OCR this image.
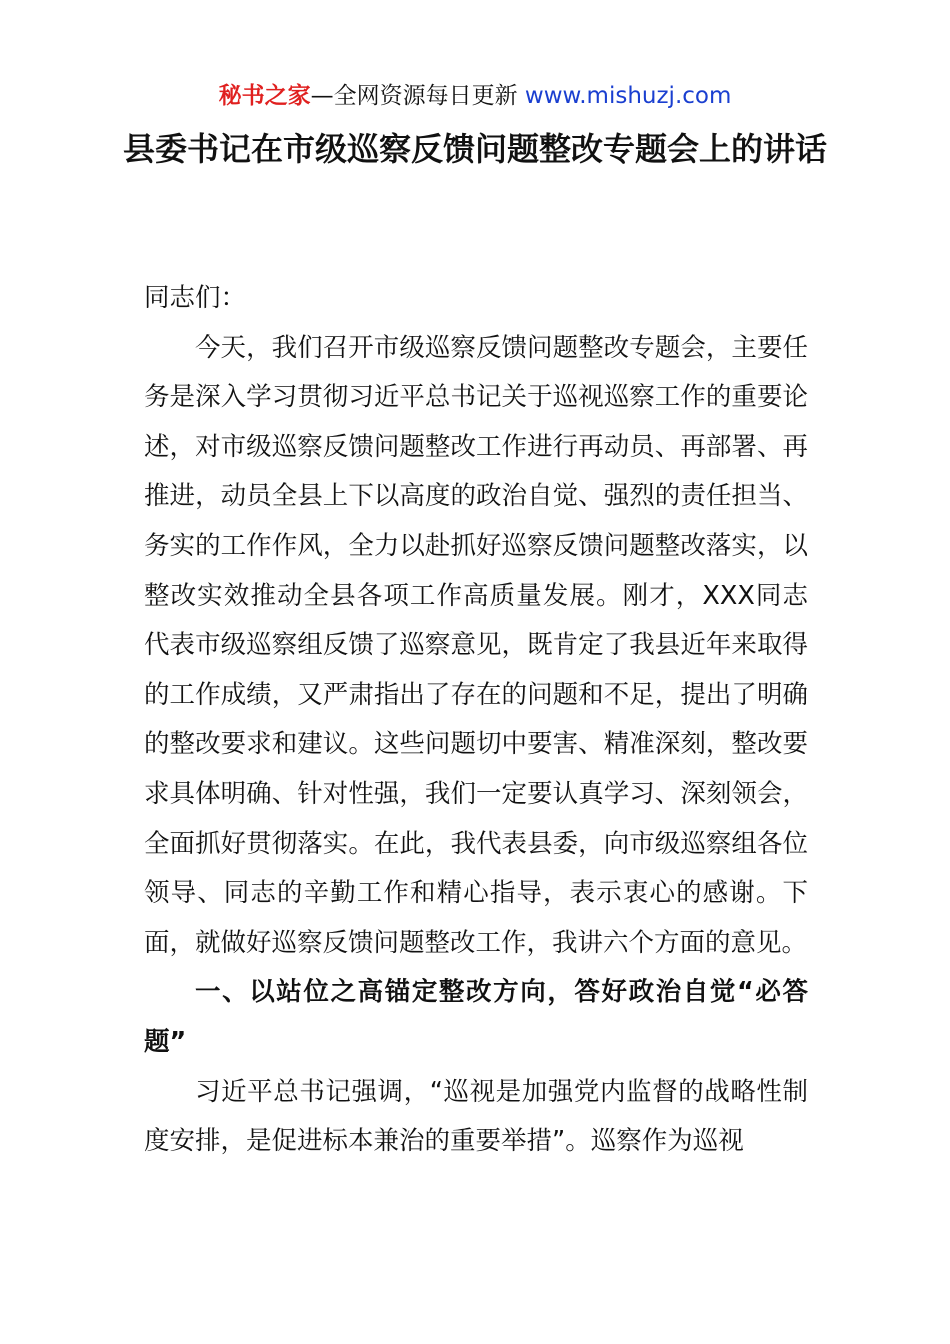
秘书之家—全网资源每日更新 www.mishuzj.com
县委书记在市级巡察反馈问题整改专题会上的讲话

同志们：

今天，我们召开市级巡察反馈问题整改专题会，主要任务是深入学习贯彻习近平总书记关于巡视巡察工作的重要论述，对市级巡察反馈问题整改工作进行再动员、再部署、再推进，动员全县上下以高度的政治自觉、强烈的责任担当、务实的工作作风，全力以赴抓好巡察反馈问题整改落实，以整改实效推动全县各项工作高质量发展。刚才，XXX同志代表市级巡察组反馈了巡察意见，既肯定了我县近年来取得的工作成绩，又严肃指出了存在的问题和不足，提出了明确的整改要求和建议。这些问题切中要害、精准深刻，整改要求具体明确、针对性强，我们一定要认真学习、深刻领会，全面抓好贯彻落实。在此，我代表县委，向市级巡察组各位领导、同志的辛勤工作和精心指导，表示衷心的感谢。下面，就做好巡察反馈问题整改工作，我讲六个方面的意见。

一、以站位之高锚定整改方向，答好政治自觉“必答题”

习近平总书记强调，“巡视是加强党内监督的战略性制度安排，是促进标本兼治的重要举措”。巡察作为巡视
